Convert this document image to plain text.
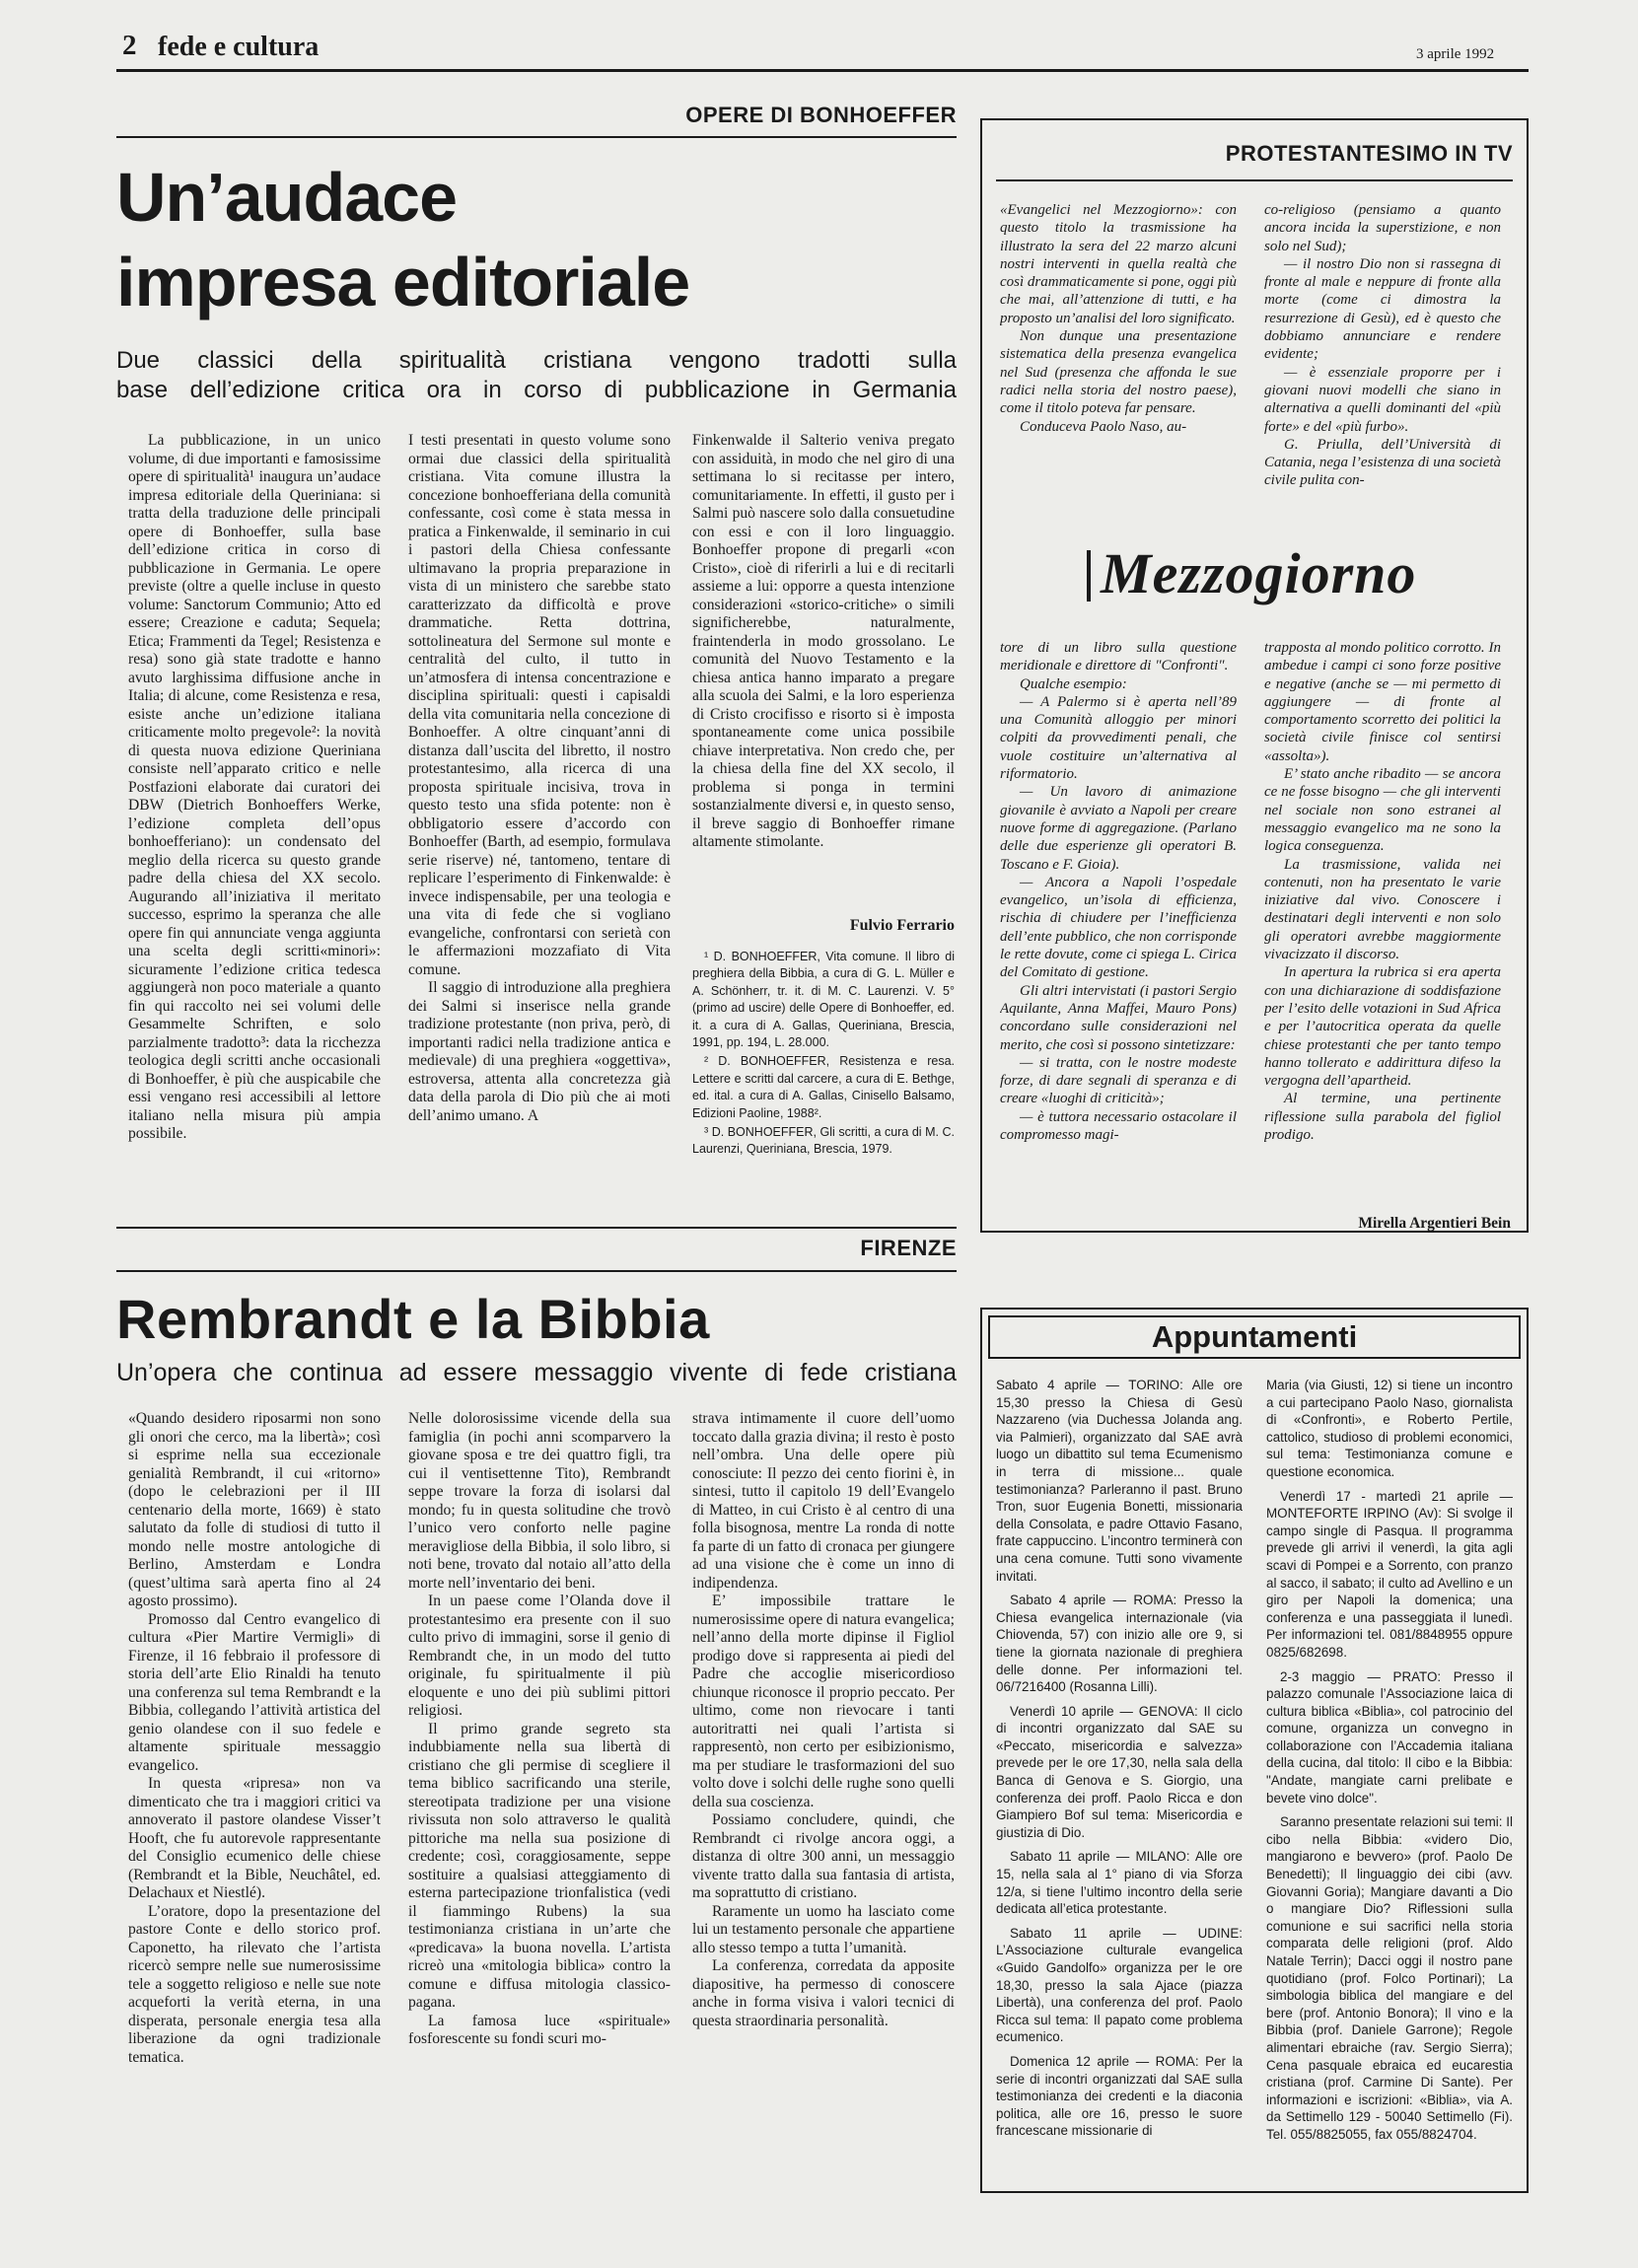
2 fede e cultura	3 aprile 1992
OPERE DI BONHOEFFER
Un’audace
impresa editoriale
Due classici della spiritualità cristiana vengono tradotti sulla
base dell’edizione critica ora in corso di pubblicazione in Germania

La pubblicazione, in un unico volume, di due importanti e famosissime opere di spiritualità¹ inaugura un’audace impresa editoriale della Queriniana: si tratta della traduzione delle principali opere di Bonhoeffer, sulla base dell’edizione critica in corso di pubblicazione in Germania. Le opere previste (oltre a quelle incluse in questo volume: Sanctorum Communio; Atto ed essere; Creazione e caduta; Sequela; Etica; Frammenti da Tegel; Resistenza e resa) sono già state tradotte e hanno avuto larghissima diffusione anche in Italia; di alcune, come Resistenza e resa, esiste anche un’edizione italiana criticamente molto pregevole²: la novità di questa nuova edizione Queriniana consiste nell’apparato critico e nelle Postfazioni elaborate dai curatori dei DBW (Dietrich Bonhoeffers Werke, l’edizione completa dell’opus bonhoefferiano): un condensato del meglio della ricerca su questo grande padre della chiesa del XX secolo. Augurando all’iniziativa il meritato successo, esprimo la speranza che alle opere fin qui annunciate venga aggiunta una scelta degli scritti«minori»: sicuramente l’edizione critica tedesca aggiungerà non poco materiale a quanto fin qui raccolto nei sei volumi delle Gesammelte Schriften, e solo parzialmente tradotto³: data la ricchezza teologica degli scritti anche occasionali di Bonhoeffer, è più che auspicabile che essi vengano resi accessibili al lettore italiano nella misura più ampia possibile.

I testi presentati in questo volume sono ormai due classici della spiritualità cristiana. Vita comune illustra la concezione bonhoefferiana della comunità confessante, così come è stata messa in pratica a Finkenwalde, il seminario in cui i pastori della Chiesa confessante ultimavano la propria preparazione in vista di un ministero che sarebbe stato caratterizzato da difficoltà e prove drammatiche. Retta dottrina, sottolineatura del Sermone sul monte e centralità del culto, il tutto in un’atmosfera di intensa concentrazione e disciplina spirituali: questi i capisaldi della vita comunitaria nella concezione di Bonhoeffer. A oltre cinquant’anni di distanza dall’uscita del libretto, il nostro protestantesimo, alla ricerca di una proposta spirituale incisiva, trova in questo testo una sfida potente: non è obbligatorio essere d’accordo con Bonhoeffer (Barth, ad esempio, formulava serie riserve) né, tantomeno, tentare di replicare l’esperimento di Finkenwalde: è invece indispensabile, per una teologia e una vita di fede che si vogliano evangeliche, confrontarsi con serietà con le affermazioni mozzafiato di Vita comune.

Il saggio di introduzione alla preghiera dei Salmi si inserisce nella grande tradizione protestante (non priva, però, di importanti radici nella tradizione antica e medievale) di una preghiera «oggettiva», estroversa, attenta alla concretezza già data della parola di Dio più che ai moti dell’animo umano. A

Finkenwalde il Salterio veniva pregato con assiduità, in modo che nel giro di una settimana lo si recitasse per intero, comunitariamente. In effetti, il gusto per i Salmi può nascere solo dalla consuetudine con essi e con il loro linguaggio. Bonhoeffer propone di pregarli «con Cristo», cioè di riferirli a lui e di recitarli assieme a lui: opporre a questa intenzione considerazioni «storico-critiche» o simili significherebbe, naturalmente, fraintenderla in modo grossolano. Le comunità del Nuovo Testamento e la chiesa antica hanno imparato a pregare alla scuola dei Salmi, e la loro esperienza di Cristo crocifisso e risorto si è imposta spontaneamente come unica possibile chiave interpretativa. Non credo che, per la chiesa della fine del XX secolo, il problema si ponga in termini sostanzialmente diversi e, in questo senso, il breve saggio di Bonhoeffer rimane altamente stimolante.

Fulvio Ferrario

¹ D. BONHOEFFER, Vita comune. Il libro di preghiera della Bibbia, a cura di G. L. Müller e A. Schönherr, tr. it. di M. C. Laurenzi. V. 5° (primo ad uscire) delle Opere di Bonhoeffer, ed. it. a cura di A. Gallas, Queriniana, Brescia, 1991, pp. 194, L. 28.000.

² D. BONHOEFFER, Resistenza e resa. Lettere e scritti dal carcere, a cura di E. Bethge, ed. ital. a cura di A. Gallas, Cinisello Balsamo, Edizioni Paoline, 1988².

³ D. BONHOEFFER, Gli scritti, a cura di M. C. Laurenzi, Queriniana, Brescia, 1979.

PROTESTANTESIMO IN TV

«Evangelici nel Mezzogiorno»: con questo titolo la trasmissione ha illustrato la sera del 22 marzo alcuni nostri interventi in quella realtà che così drammaticamente si pone, oggi più che mai, all’attenzione di tutti, e ha proposto un’analisi del loro significato.

Non dunque una presentazione sistematica della presenza evangelica nel Sud (presenza che affonda le sue radici nella storia del nostro paese), come il titolo poteva far pensare.

Conduceva Paolo Naso, au-

co-religioso (pensiamo a quanto ancora incida la superstizione, e non solo nel Sud);

— il nostro Dio non si rassegna di fronte al male e neppure di fronte alla morte (come ci dimostra la resurrezione di Gesù), ed è questo che dobbiamo annunciare e rendere evidente;

— è essenziale proporre per i giovani nuovi modelli che siano in alternativa a quelli dominanti del «più forte» e del «più furbo».

G. Priulla, dell’Università di Catania, nega l’esistenza di una società civile pulita con-

Mezzogiorno

tore di un libro sulla questione meridionale e direttore di "Confronti".

Qualche esempio:

— A Palermo si è aperta nell’89 una Comunità alloggio per minori colpiti da provvedimenti penali, che vuole costituire un’alternativa al riformatorio.

— Un lavoro di animazione giovanile è avviato a Napoli per creare nuove forme di aggregazione. (Parlano delle due esperienze gli operatori B. Toscano e F. Gioia).

— Ancora a Napoli l’ospedale evangelico, un’isola di efficienza, rischia di chiudere per l’inefficienza dell’ente pubblico, che non corrisponde le rette dovute, come ci spiega L. Cirica del Comitato di gestione.

Gli altri intervistati (i pastori Sergio Aquilante, Anna Maffei, Mauro Pons) concordano sulle considerazioni nel merito, che così si possono sintetizzare:

— si tratta, con le nostre modeste forze, di dare segnali di speranza e di creare «luoghi di criticità»;

— è tuttora necessario ostacolare il compromesso magi-

trapposta al mondo politico corrotto. In ambedue i campi ci sono forze positive e negative (anche se — mi permetto di aggiungere — di fronte al comportamento scorretto dei politici la società civile finisce col sentirsi «assolta»).

E’ stato anche ribadito — se ancora ce ne fosse bisogno — che gli interventi nel sociale non sono estranei al messaggio evangelico ma ne sono la logica conseguenza.

La trasmissione, valida nei contenuti, non ha presentato le varie iniziative dal vivo. Conoscere i destinatari degli interventi e non solo gli operatori avrebbe maggiormente vivacizzato il discorso.

In apertura la rubrica si era aperta con una dichiarazione di soddisfazione per l’esito delle votazioni in Sud Africa e per l’autocritica operata da quelle chiese protestanti che per tanto tempo hanno tollerato e addirittura difeso la vergogna dell’apartheid.

Al termine, una pertinente riflessione sulla parabola del figliol prodigo.

Mirella Argentieri Bein
FIRENZE
Rembrandt e la Bibbia
Un’opera che continua ad essere messaggio vivente di fede cristiana

«Quando desidero riposarmi non sono gli onori che cerco, ma la libertà»; così si esprime nella sua eccezionale genialità Rembrandt, il cui «ritorno» (dopo le celebrazioni per il III centenario della morte, 1669) è stato salutato da folle di studiosi di tutto il mondo nelle mostre antologiche di Berlino, Amsterdam e Londra (quest’ultima sarà aperta fino al 24 agosto prossimo).

Promosso dal Centro evangelico di cultura «Pier Martire Vermigli» di Firenze, il 16 febbraio il professore di storia dell’arte Elio Rinaldi ha tenuto una conferenza sul tema Rembrandt e la Bibbia, collegando l’attività artistica del genio olandese con il suo fedele e altamente spirituale messaggio evangelico.

In questa «ripresa» non va dimenticato che tra i maggiori critici va annoverato il pastore olandese Visser’t Hooft, che fu autorevole rappresentante del Consiglio ecumenico delle chiese (Rembrandt et la Bible, Neuchâtel, ed. Delachaux et Niestlé).

L’oratore, dopo la presentazione del pastore Conte e dello storico prof. Caponetto, ha rilevato che l’artista ricercò sempre nelle sue numerosissime tele a soggetto religioso e nelle sue note acqueforti la verità eterna, in una disperata, personale energia tesa alla liberazione da ogni tradizionale tematica.

Nelle dolorosissime vicende della sua famiglia (in pochi anni scomparvero la giovane sposa e tre dei quattro figli, tra cui il ventisettenne Tito), Rembrandt seppe trovare la forza di isolarsi dal mondo; fu in questa solitudine che trovò l’unico vero conforto nelle pagine meravigliose della Bibbia, il solo libro, si noti bene, trovato dal notaio all’atto della morte nell’inventario dei beni.

In un paese come l’Olanda dove il protestantesimo era presente con il suo culto privo di immagini, sorse il genio di Rembrandt che, in un modo del tutto originale, fu spiritualmente il più eloquente e uno dei più sublimi pittori religiosi.

Il primo grande segreto sta indubbiamente nella sua libertà di cristiano che gli permise di scegliere il tema biblico sacrificando una sterile, stereotipata tradizione per una visione rivissuta non solo attraverso le qualità pittoriche ma nella sua posizione di credente; così, coraggiosamente, seppe sostituire a qualsiasi atteggiamento di esterna partecipazione trionfalistica (vedi il fiammingo Rubens) la sua testimonianza cristiana in un’arte che «predicava» la buona novella. L’artista ricreò una «mitologia biblica» contro la comune e diffusa mitologia classico-pagana.

La famosa luce «spirituale» fosforescente su fondi scuri mo-

strava intimamente il cuore dell’uomo toccato dalla grazia divina; il resto è posto nell’ombra. Una delle opere più conosciute: Il pezzo dei cento fiorini è, in sintesi, tutto il capitolo 19 dell’Evangelo di Matteo, in cui Cristo è al centro di una folla bisognosa, mentre La ronda di notte fa parte di un fatto di cronaca per giungere ad una visione che è come un inno di indipendenza.

E’ impossibile trattare le numerosissime opere di natura evangelica; nell’anno della morte dipinse il Figliol prodigo dove si rappresenta ai piedi del Padre che accoglie misericordioso chiunque riconosce il proprio peccato. Per ultimo, come non rievocare i tanti autoritratti nei quali l’artista si rappresentò, non certo per esibizionismo, ma per studiare le trasformazioni del suo volto dove i solchi delle rughe sono quelli della sua coscienza.

Possiamo concludere, quindi, che Rembrandt ci rivolge ancora oggi, a distanza di oltre 300 anni, un messaggio vivente tratto dalla sua fantasia di artista, ma soprattutto di cristiano.

Raramente un uomo ha lasciato come lui un testamento personale che appartiene allo stesso tempo a tutta l’umanità.

La conferenza, corredata da apposite diapositive, ha permesso di conoscere anche in forma visiva i valori tecnici di questa straordinaria personalità.

Appuntamenti

Sabato 4 aprile — TORINO: Alle ore 15,30 presso la Chiesa di Gesù Nazzareno (via Duchessa Jolanda ang. via Palmieri), organizzato dal SAE avrà luogo un dibattito sul tema Ecumenismo in terra di missione... quale testimonianza? Parleranno il past. Bruno Tron, suor Eugenia Bonetti, missionaria della Consolata, e padre Ottavio Fasano, frate cappuccino. L’incontro terminerà con una cena comune. Tutti sono vivamente invitati.

Sabato 4 aprile — ROMA: Presso la Chiesa evangelica internazionale (via Chiovenda, 57) con inizio alle ore 9, si tiene la giornata nazionale di preghiera delle donne. Per informazioni tel. 06/7216400 (Rosanna Lilli).

Venerdì 10 aprile — GENOVA: Il ciclo di incontri organizzato dal SAE su «Peccato, misericordia e salvezza» prevede per le ore 17,30, nella sala della Banca di Genova e S. Giorgio, una conferenza dei proff. Paolo Ricca e don Giampiero Bof sul tema: Misericordia e giustizia di Dio.

Sabato 11 aprile — MILANO: Alle ore 15, nella sala al 1° piano di via Sforza 12/a, si tiene l’ultimo incontro della serie dedicata all’etica protestante.

Sabato 11 aprile — UDINE: L’Associazione culturale evangelica «Guido Gandolfo» organizza per le ore 18,30, presso la sala Ajace (piazza Libertà), una conferenza del prof. Paolo Ricca sul tema: Il papato come problema ecumenico.

Domenica 12 aprile — ROMA: Per la serie di incontri organizzati dal SAE sulla testimonianza dei credenti e la diaconia politica, alle ore 16, presso le suore francescane missionarie di

Maria (via Giusti, 12) si tiene un incontro a cui partecipano Paolo Naso, giornalista di «Confronti», e Roberto Pertile, cattolico, studioso di problemi economici, sul tema: Testimonianza comune e questione economica.

Venerdì 17 - martedì 21 aprile — MONTEFORTE IRPINO (Av): Si svolge il campo single di Pasqua. Il programma prevede gli arrivi il venerdì, la gita agli scavi di Pompei e a Sorrento, con pranzo al sacco, il sabato; il culto ad Avellino e un giro per Napoli la domenica; una conferenza e una passeggiata il lunedì. Per informazioni tel. 081/8848955 oppure 0825/682698.

2-3 maggio — PRATO: Presso il palazzo comunale l’Associazione laica di cultura biblica «Biblia», col patrocinio del comune, organizza un convegno in collaborazione con l’Accademia italiana della cucina, dal titolo: Il cibo e la Bibbia: "Andate, mangiate carni prelibate e bevete vino dolce".

Saranno presentate relazioni sui temi: Il cibo nella Bibbia: «videro Dio, mangiarono e bevvero» (prof. Paolo De Benedetti); Il linguaggio dei cibi (avv. Giovanni Goria); Mangiare davanti a Dio o mangiare Dio? Riflessioni sulla comunione e sui sacrifici nella storia comparata delle religioni (prof. Aldo Natale Terrin); Dacci oggi il nostro pane quotidiano (prof. Folco Portinari); La simbologia biblica del mangiare e del bere (prof. Antonio Bonora); Il vino e la Bibbia (prof. Daniele Garrone); Regole alimentari ebraiche (rav. Sergio Sierra); Cena pasquale ebraica ed eucarestia cristiana (prof. Carmine Di Sante). Per informazioni e iscrizioni: «Biblia», via A. da Settimello 129 - 50040 Settimello (Fi). Tel. 055/8825055, fax 055/8824704.
